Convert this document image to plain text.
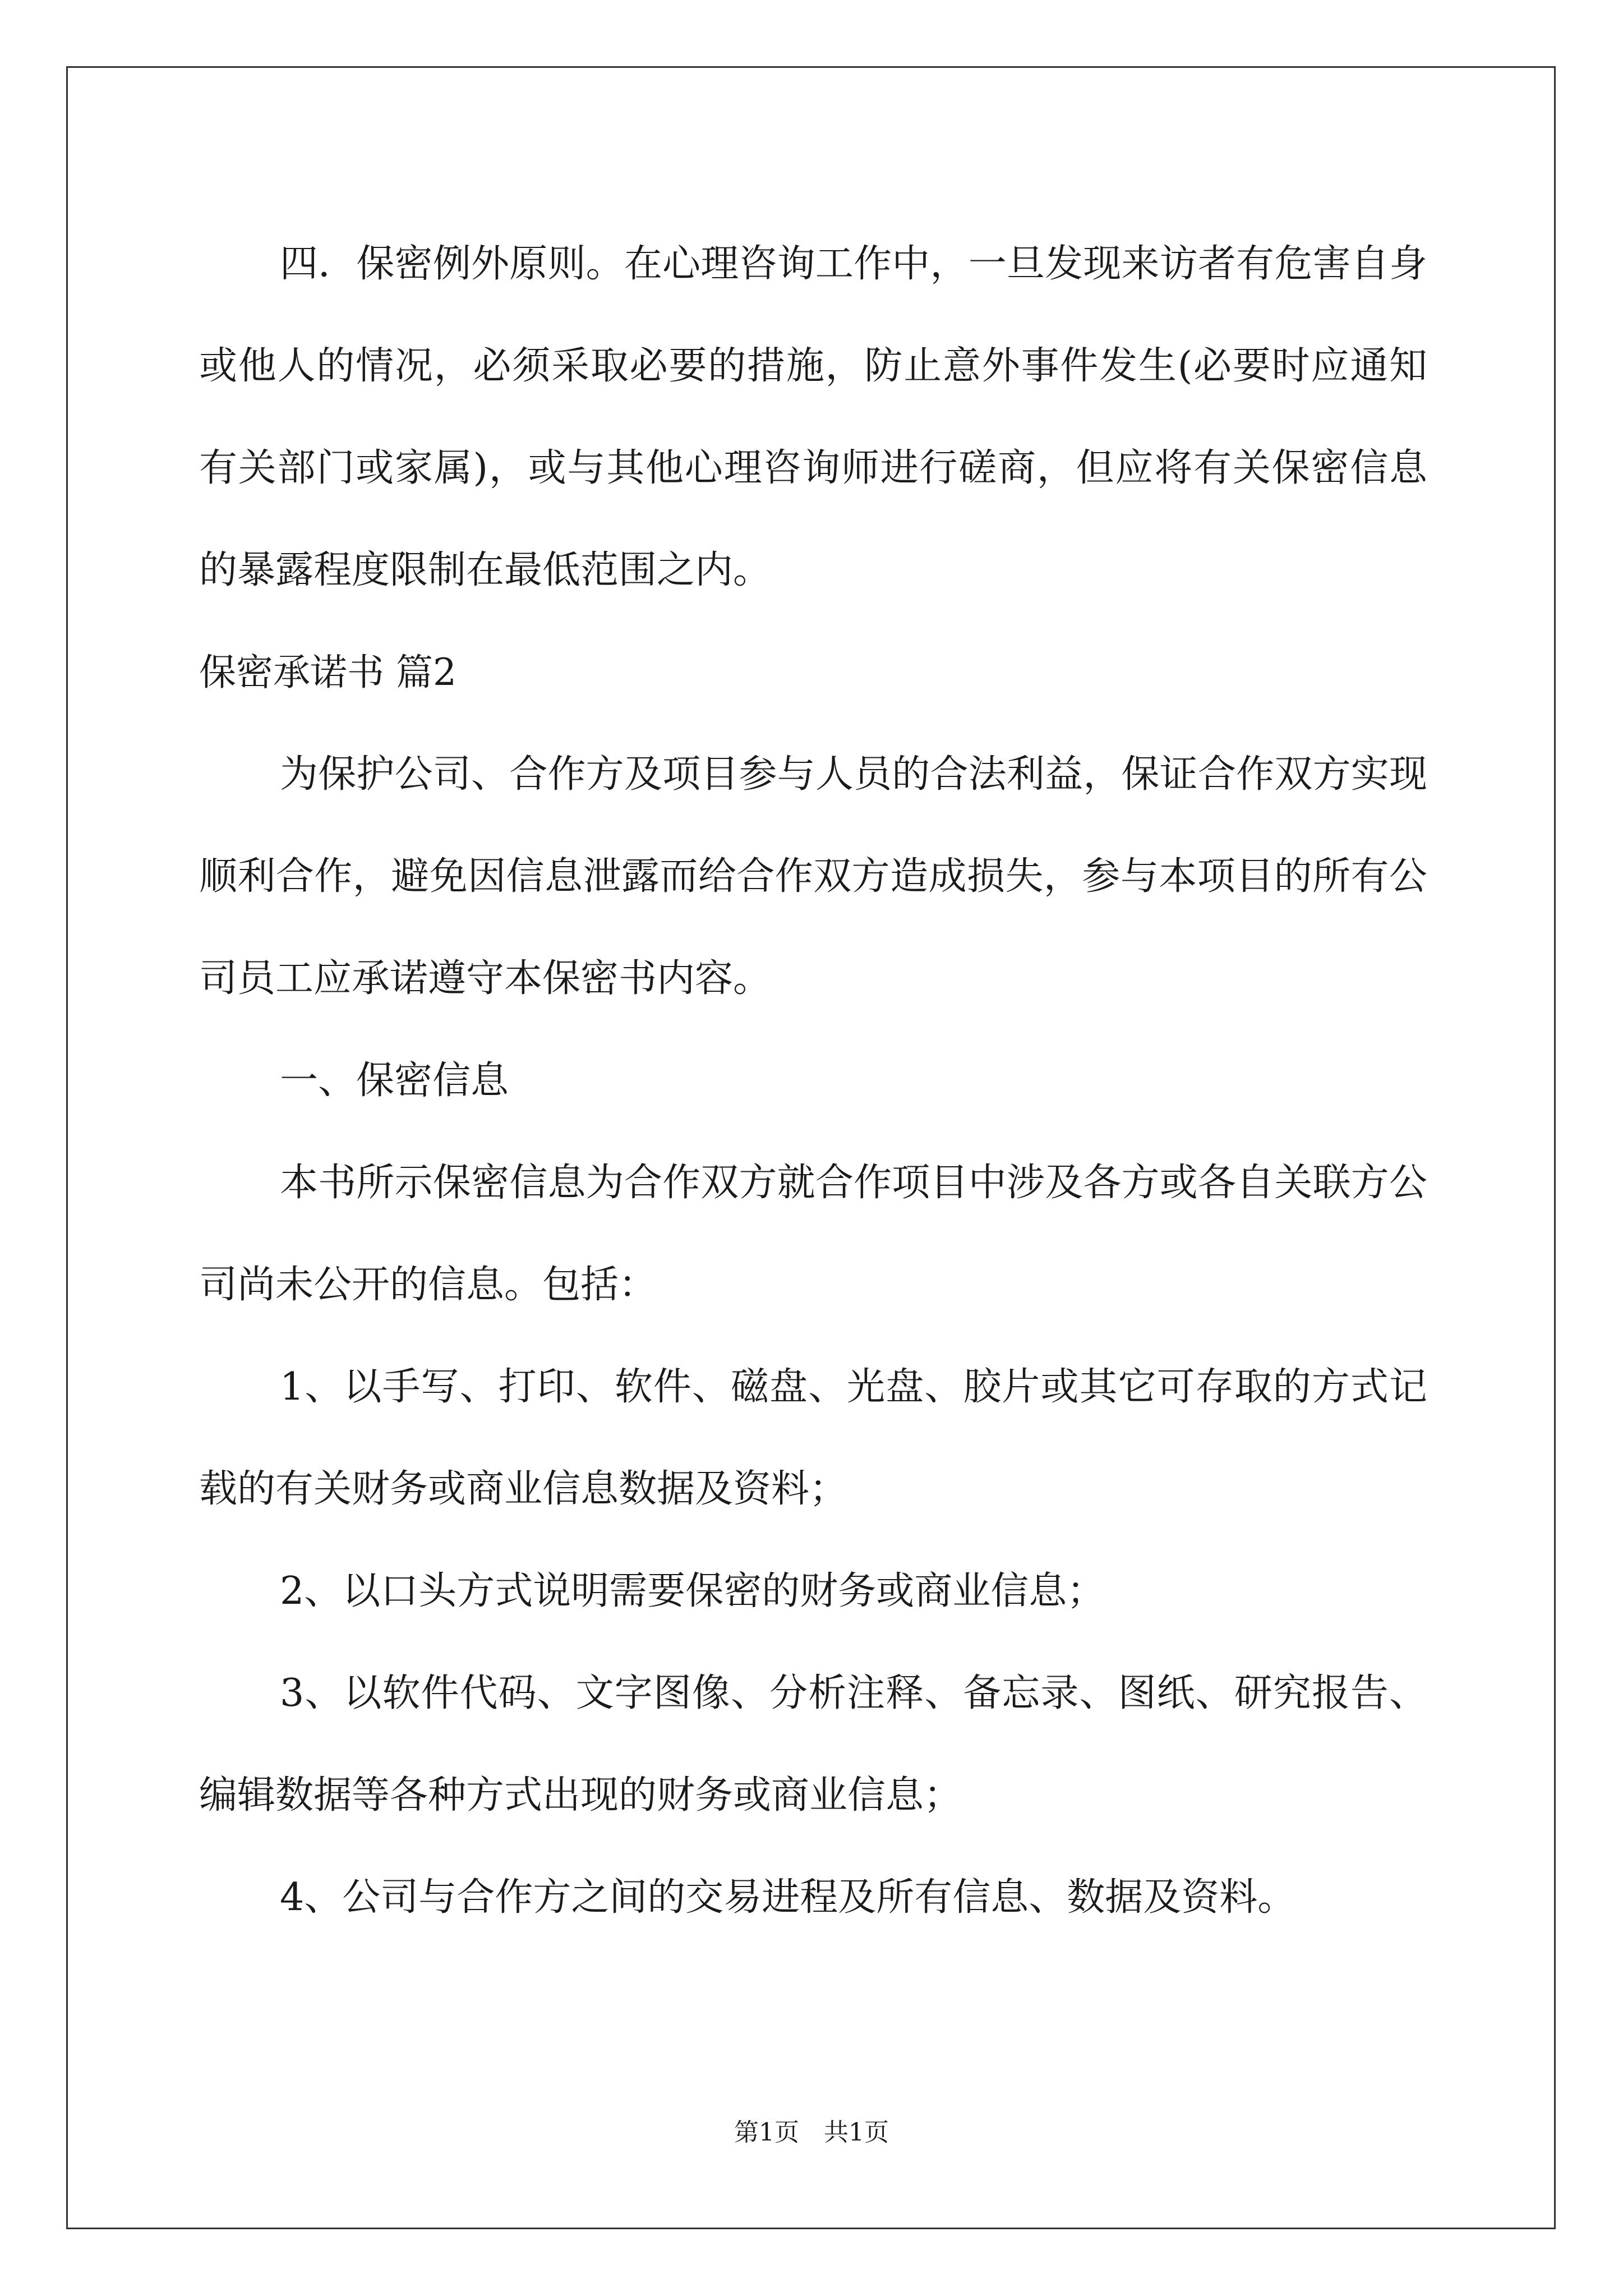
四．保密例外原则。在心理咨询工作中，一旦发现来访者有危害自身或他人的情况，必须采取必要的措施，防止意外事件发生(必要时应通知有关部门或家属)，或与其他心理咨询师进行磋商，但应将有关保密信息的暴露程度限制在最低范围之内。

保密承诺书 篇2

为保护公司、合作方及项目参与人员的合法利益，保证合作双方实现顺利合作，避免因信息泄露而给合作双方造成损失，参与本项目的所有公司员工应承诺遵守本保密书内容。

一、保密信息

本书所示保密信息为合作双方就合作项目中涉及各方或各自关联方公司尚未公开的信息。包括：

1、以手写、打印、软件、磁盘、光盘、胶片或其它可存取的方式记载的有关财务或商业信息数据及资料；

2、以口头方式说明需要保密的财务或商业信息；

3、以软件代码、文字图像、分析注释、备忘录、图纸、研究报告、编辑数据等各种方式出现的财务或商业信息；

4、公司与合作方之间的交易进程及所有信息、数据及资料。

第1页　共1页
